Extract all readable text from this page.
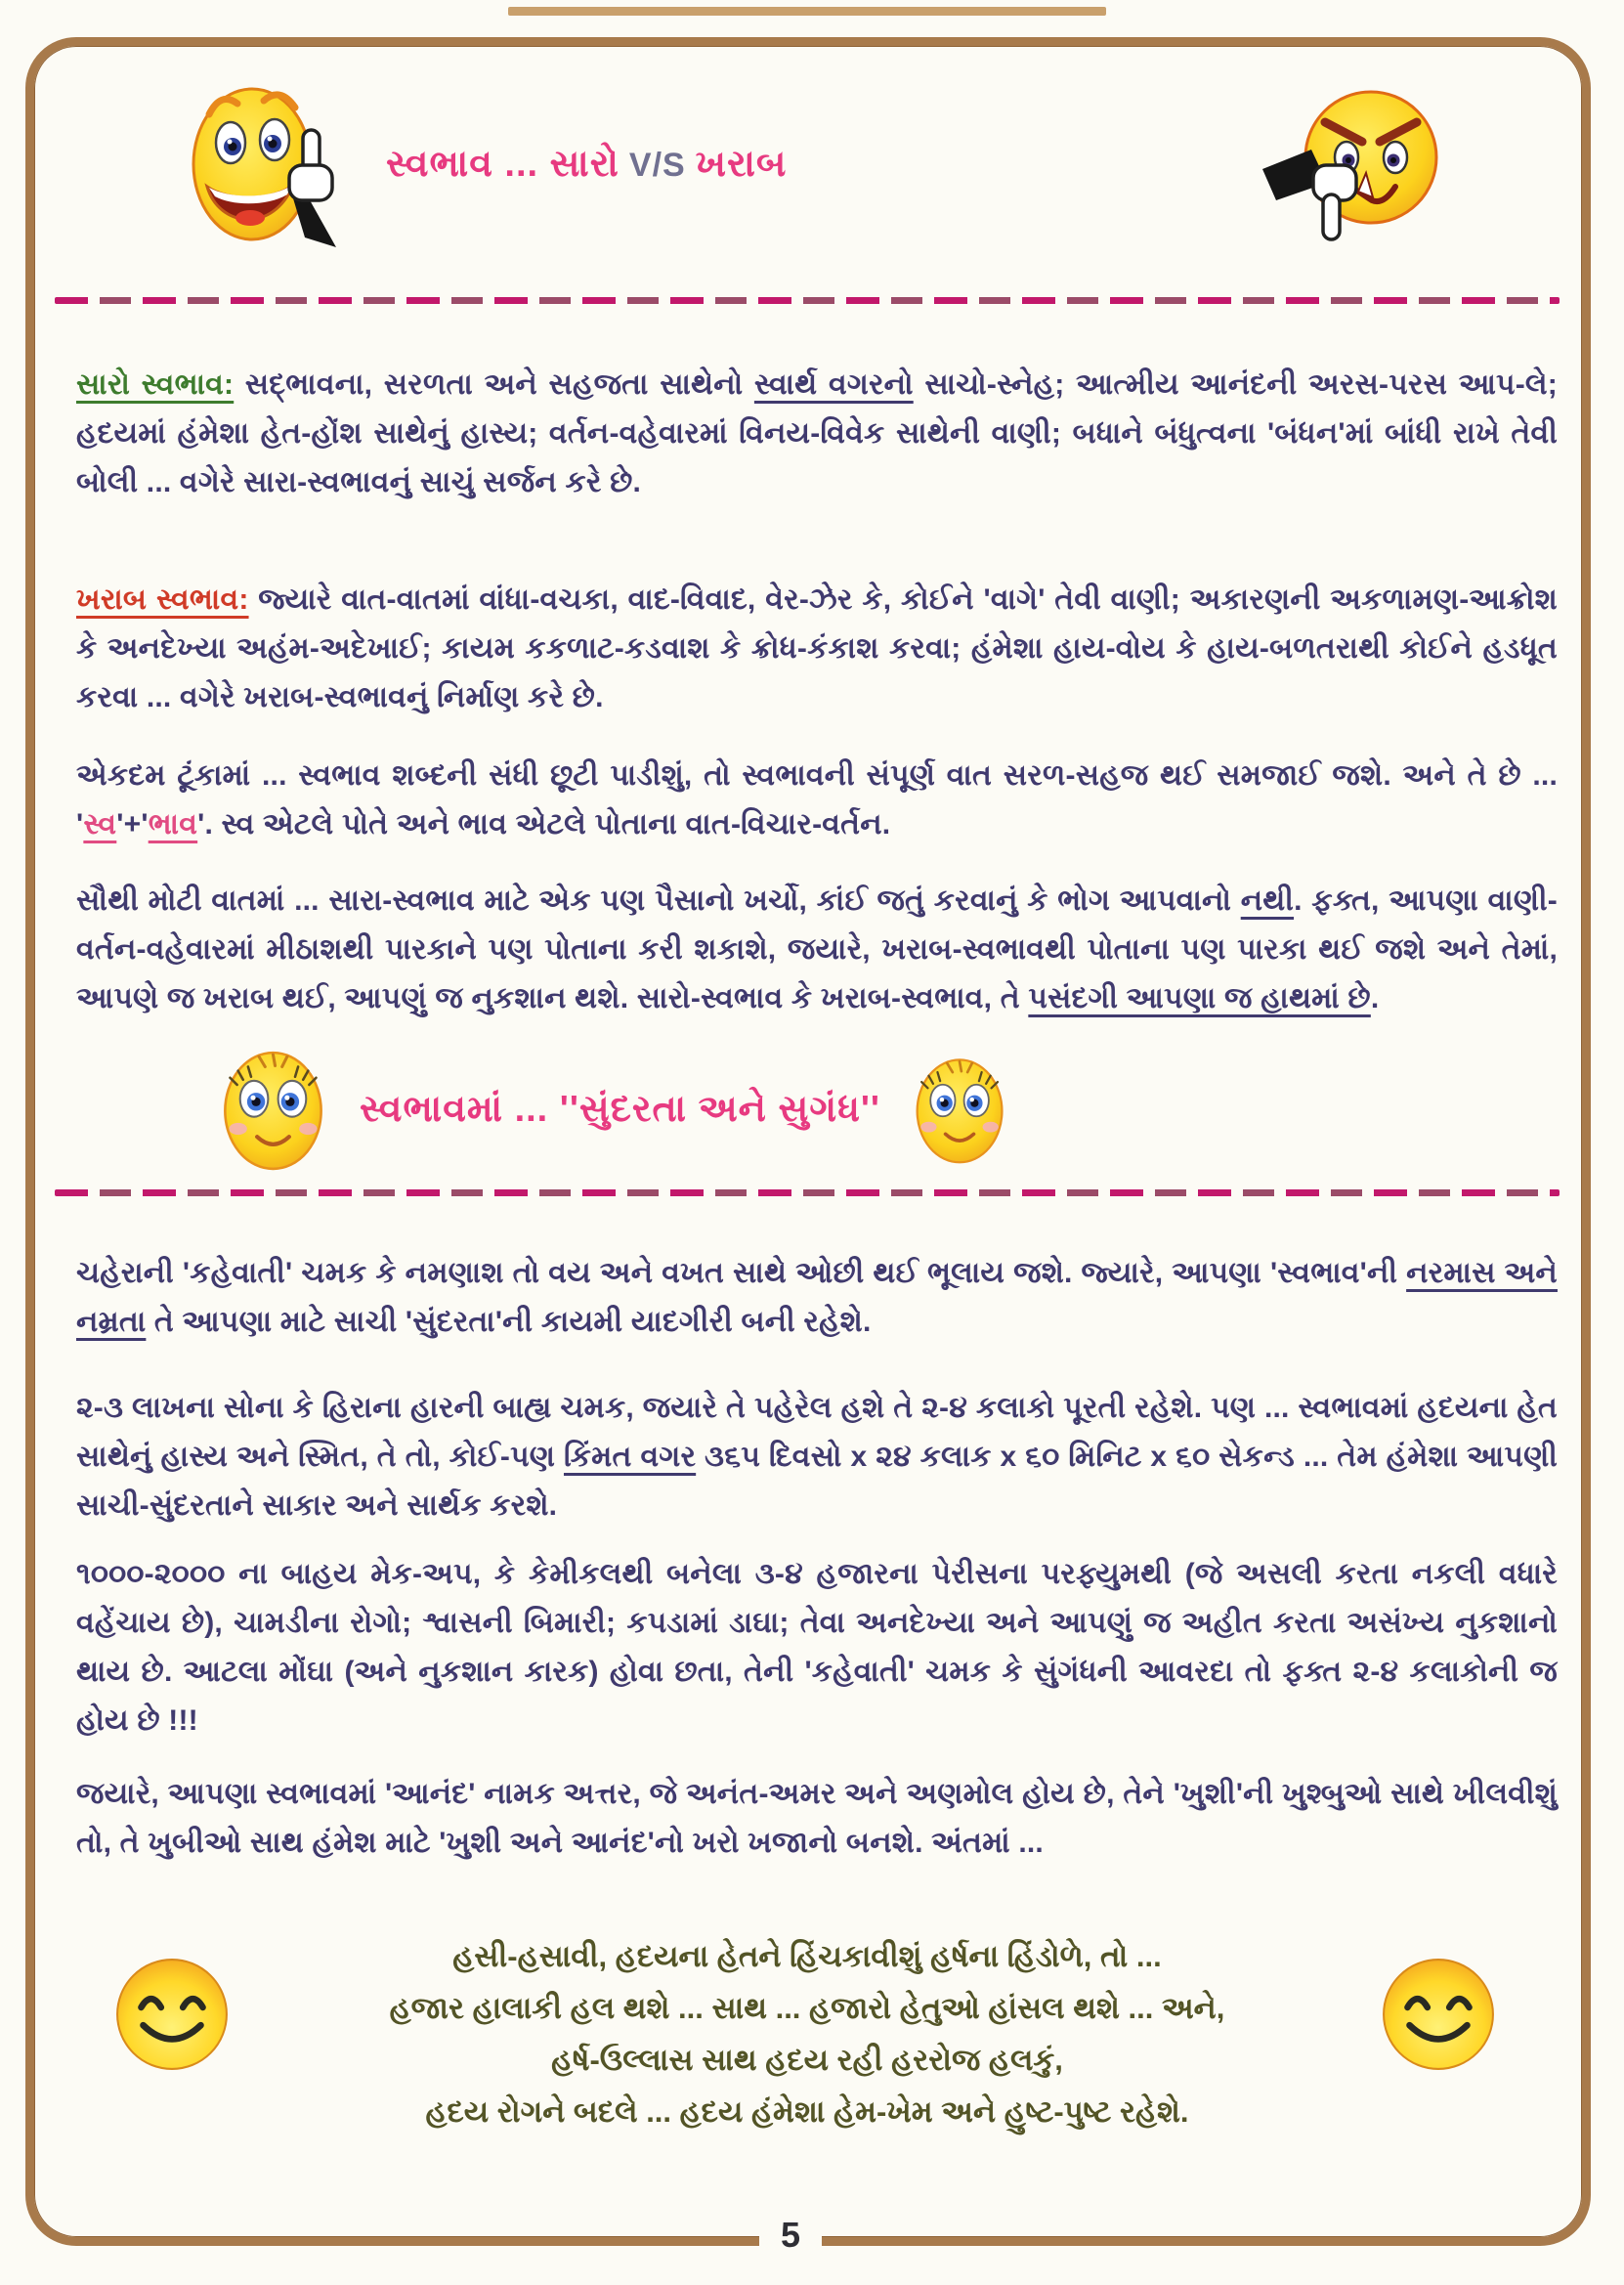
સ્વભાવ ... સારો V/S ખરાબ

સારો સ્વભાવ: સદ્ભાવના, સરળતા અને સહજતા સાથેનો સ્વાર્થ વગરનો સાચો-સ્નેહ; આત્મીય આનંદની અરસ-પરસ આપ-લે; હદયમાં હંમેશા હેત-હોંશ સાથેનું હાસ્ય; વર્તન-વહેવારમાં વિનય-વિવેક સાથેની વાણી; બધાને બંધુત્વના 'બંધન'માં બાંધી રાખે તેવી બોલી ... વગેરે સારા-સ્વભાવનું સાચું સર્જન કરે છે.

ખરાબ સ્વભાવ: જ્યારે વાત-વાતમાં વાંધા-વચકા, વાદ-વિવાદ, વેર-ઝેર કે, કોઈને 'વાગે' તેવી વાણી; અકારણની અકળામણ-આક્રોશ કે અનદેખ્યા અહંમ-અદેખાઈ; કાયમ કકળાટ-કડવાશ કે ક્રોધ-કંકાશ કરવા; હંમેશા હાય-વોય કે હાય-બળતરાથી કોઈને હડધૂત કરવા ... વગેરે ખરાબ-સ્વભાવનું નિર્માણ કરે છે.

એકદમ ટૂંકામાં ... સ્વભાવ શબ્દની સંધી છૂટી પાડીશું, તો સ્વભાવની સંપૂર્ણ વાત સરળ-સહજ થઈ સમજાઈ જશે. અને તે છે ... 'સ્વ'+'ભાવ'. સ્વ એટલે પોતે અને ભાવ એટલે પોતાના વાત-વિચાર-વર્તન.

સૌથી મોટી વાતમાં ... સારા-સ્વભાવ માટે એક પણ પૈસાનો ખર્ચો, કાંઈ જતું કરવાનું કે ભોગ આપવાનો નથી. ફક્ત, આપણા વાણી-વર્તન-વહેવારમાં મીઠાશથી પારકાને પણ પોતાના કરી શકાશે, જયારે, ખરાબ-સ્વભાવથી પોતાના પણ પારકા થઈ જશે અને તેમાં, આપણે જ ખરાબ થઈ, આપણું જ નુકશાન થશે. સારો-સ્વભાવ કે ખરાબ-સ્વભાવ, તે પસંદગી આપણા જ હાથમાં છે.

સ્વભાવમાં ... ''સુંદરતા અને સુગંધ''

ચહેરાની 'કહેવાતી' ચમક કે નમણાશ તો વય અને વખત સાથે ઓછી થઈ ભૂલાય જશે. જ્યારે, આપણા 'સ્વભાવ'ની નરમાસ અને નમ્રતા તે આપણા માટે સાચી 'સુંદરતા'ની કાયમી યાદગીરી બની રહેશે.

૨-૩ લાખના સોના કે હિરાના હારની બાહ્ય ચમક, જયારે તે પહેરેલ હશે તે ૨-૪ કલાકો પૂરતી રહેશે. પણ ... સ્વભાવમાં હદયના હેત સાથેનું હાસ્ય અને સ્મિત, તે તો, કોઈ-પણ કિંમત વગર ૩૬૫ દિવસો x ૨૪ કલાક x ૬૦ મિનિટ x ૬૦ સેકન્ડ ... તેમ હંમેશા આપણી સાચી-સુંદરતાને સાકાર અને સાર્થક કરશે.

૧૦૦૦-૨૦૦૦ ના બાહય મેક-અપ, કે કેમીકલથી બનેલા ૩-૪ હજારના પેરીસના પરફ્યુમથી (જે અસલી કરતા નકલી વધારે વહેંચાય છે), ચામડીના રોગો; શ્વાસની બિમારી; કપડામાં ડાઘા; તેવા અનદેખ્યા અને આપણું જ અહીત કરતા અસંખ્ય નુકશાનો થાય છે. આટલા મોંઘા (અને નુકશાન કારક) હોવા છતા, તેની 'કહેવાતી' ચમક કે સુંગંધની આવરદા તો ફક્ત ૨-૪ કલાકોની જ હોય છે !!!

જયારે, આપણા સ્વભાવમાં 'આનંદ' નામક અત્તર, જે અનંત-અમર અને અણમોલ હોય છે, તેને 'ખુશી'ની ખુશ્બુઓ સાથે ખીલવીશું તો, તે ખુબીઓ સાથ હંમેશ માટે 'ખુશી અને આનંદ'નો ખરો ખજાનો બનશે. અંતમાં ...

હસી-હસાવી, હદયના હેતને હિંચકાવીશું હર્ષના હિંડોળે, તો ...
હજાર હાલાકી હલ થશે ... સાથ ... હજારો હેતુઓ હાંસલ થશે ... અને,
હર્ષ-ઉલ્લાસ સાથ હદય રહી હરરોજ હલકું,
હદય રોગને બદલે ... હદય હંમેશા હેમ-ખેમ અને હુષ્ટ-પુષ્ટ રહેશે.
5
